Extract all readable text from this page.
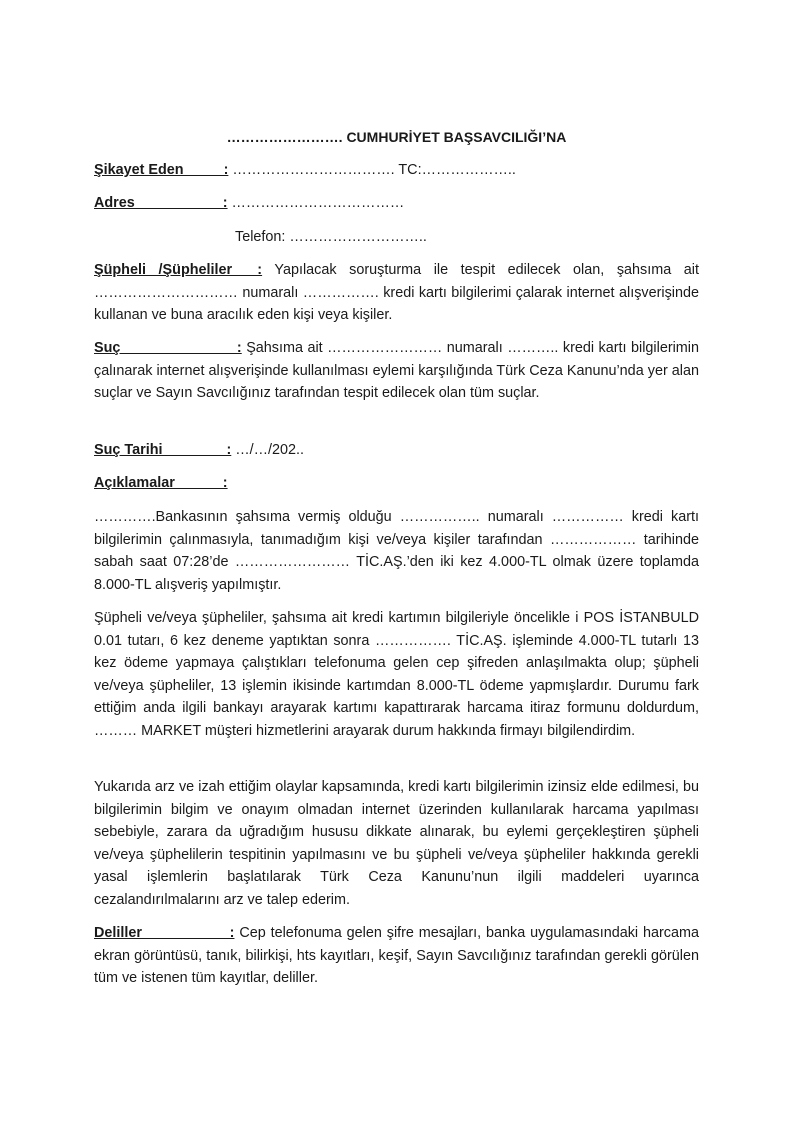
……………………. CUMHURİYET BAŞSAVCILIĞI’NA
Şikayet Eden          : ……………………………. TC:………………..
Adres                      : ………………………………
Telefon: ………………………..
Şüpheli /Şüpheliler  : Yapılacak soruşturma ile tespit edilecek olan, şahsıma ait ………………………… numaralı ……………. kredi kartı bilgilerimi çalarak internet alışverişinde kullanan ve buna aracılık eden kişi veya kişiler.
Suç                          : Şahsıma ait …………………… numaralı ……….. kredi kartı bilgilerimin çalınarak internet alışverişinde kullanılması eylemi karşılığında Türk Ceza Kanunu’nda yer alan suçlar ve Sayın Savcılığınız tarafından tespit edilecek olan tüm suçlar.
Suç Tarihi                : …/…/202..
Açıklamalar            :
………….Bankasının şahsıma vermiş olduğu …………….. numaralı …………… kredi kartı bilgilerimin çalınmasıyla, tanımadığım kişi ve/veya kişiler tarafından ……………… tarihinde sabah saat 07:28’de …………………… TİC.AŞ.’den iki kez 4.000-TL olmak üzere toplamda 8.000-TL alışveriş yapılmıştır.
Şüpheli ve/veya şüpheliler, şahsıma ait kredi kartımın bilgileriyle öncelikle i POS İSTANBULD 0.01 tutarı, 6 kez deneme yaptıktan sonra ……………. TİC.AŞ. işleminde 4.000-TL tutarlı 13 kez ödeme yapmaya çalıştıkları telefonuma gelen cep şifreden anlaşılmakta olup; şüpheli ve/veya şüpheliler, 13 işlemin ikisinde kartımdan 8.000-TL ödeme yapmışlardır. Durumu fark ettiğim anda ilgili bankayı arayarak kartımı kapattırarak harcama itiraz formunu doldurdum, ……… MARKET müşteri hizmetlerini arayarak durum hakkında firmayı bilgilendirdim.
Yukarıda arz ve izah ettiğim olaylar kapsamında, kredi kartı bilgilerimin izinsiz elde edilmesi, bu bilgilerimin bilgim ve onayım olmadan internet üzerinden kullanılarak harcama yapılması sebebiyle, zarara da uğradığım hususu dikkate alınarak, bu eylemi gerçekleştiren şüpheli ve/veya şüphelilerin tespitinin yapılmasını ve bu şüpheli ve/veya şüpheliler hakkında gerekli yasal işlemlerin başlatılarak Türk Ceza Kanunu’nun ilgili maddeleri uyarınca cezalandırılmalarını arz ve talep ederim.
Deliller                  : Cep telefonuma gelen şifre mesajları, banka uygulamasındaki harcama ekran görüntüsü, tanık, bilirkişi, hts kayıtları, keşif, Sayın Savcılığınız tarafından gerekli görülen tüm ve istenen tüm kayıtlar, deliller.
